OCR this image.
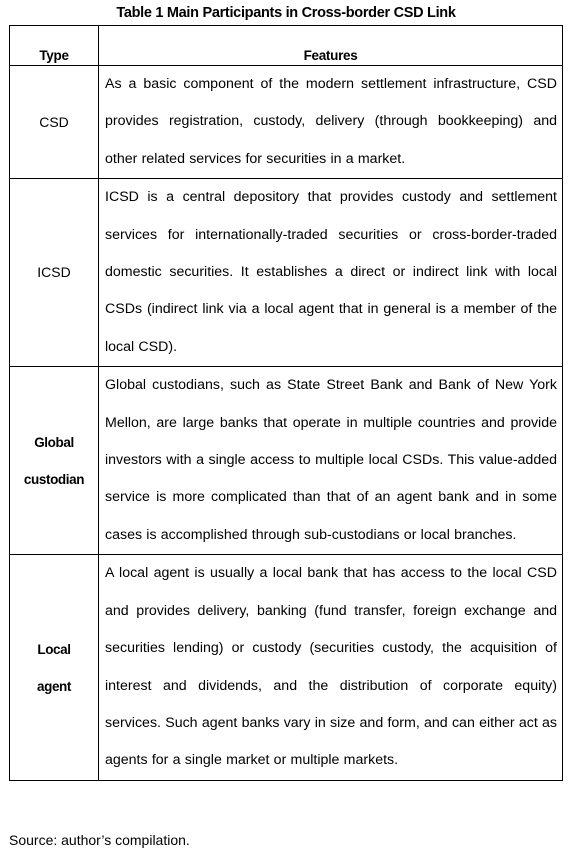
Table 1 Main Participants in Cross-border CSD Link
Type	Features
CSD	As a basic component of the modern settlement infrastructure, CSD provides registration, custody, delivery (through bookkeeping) and other related services for securities in a market.
ICSD	ICSD is a central depository that provides custody and settlement services for internationally-traded securities or cross-border-traded domestic securities. It establishes a direct or indirect link with local CSDs (indirect link via a local agent that in general is a member of the local CSD).
Global custodian	Global custodians, such as State Street Bank and Bank of New York Mellon, are large banks that operate in multiple countries and provide investors with a single access to multiple local CSDs. This value-added service is more complicated than that of an agent bank and in some cases is accomplished through sub-custodians or local branches.
Local agent	A local agent is usually a local bank that has access to the local CSD and provides delivery, banking (fund transfer, foreign exchange and securities lending) or custody (securities custody, the acquisition of interest and dividends, and the distribution of corporate equity) services. Such agent banks vary in size and form, and can either act as agents for a single market or multiple markets.
Source: author’s compilation.
